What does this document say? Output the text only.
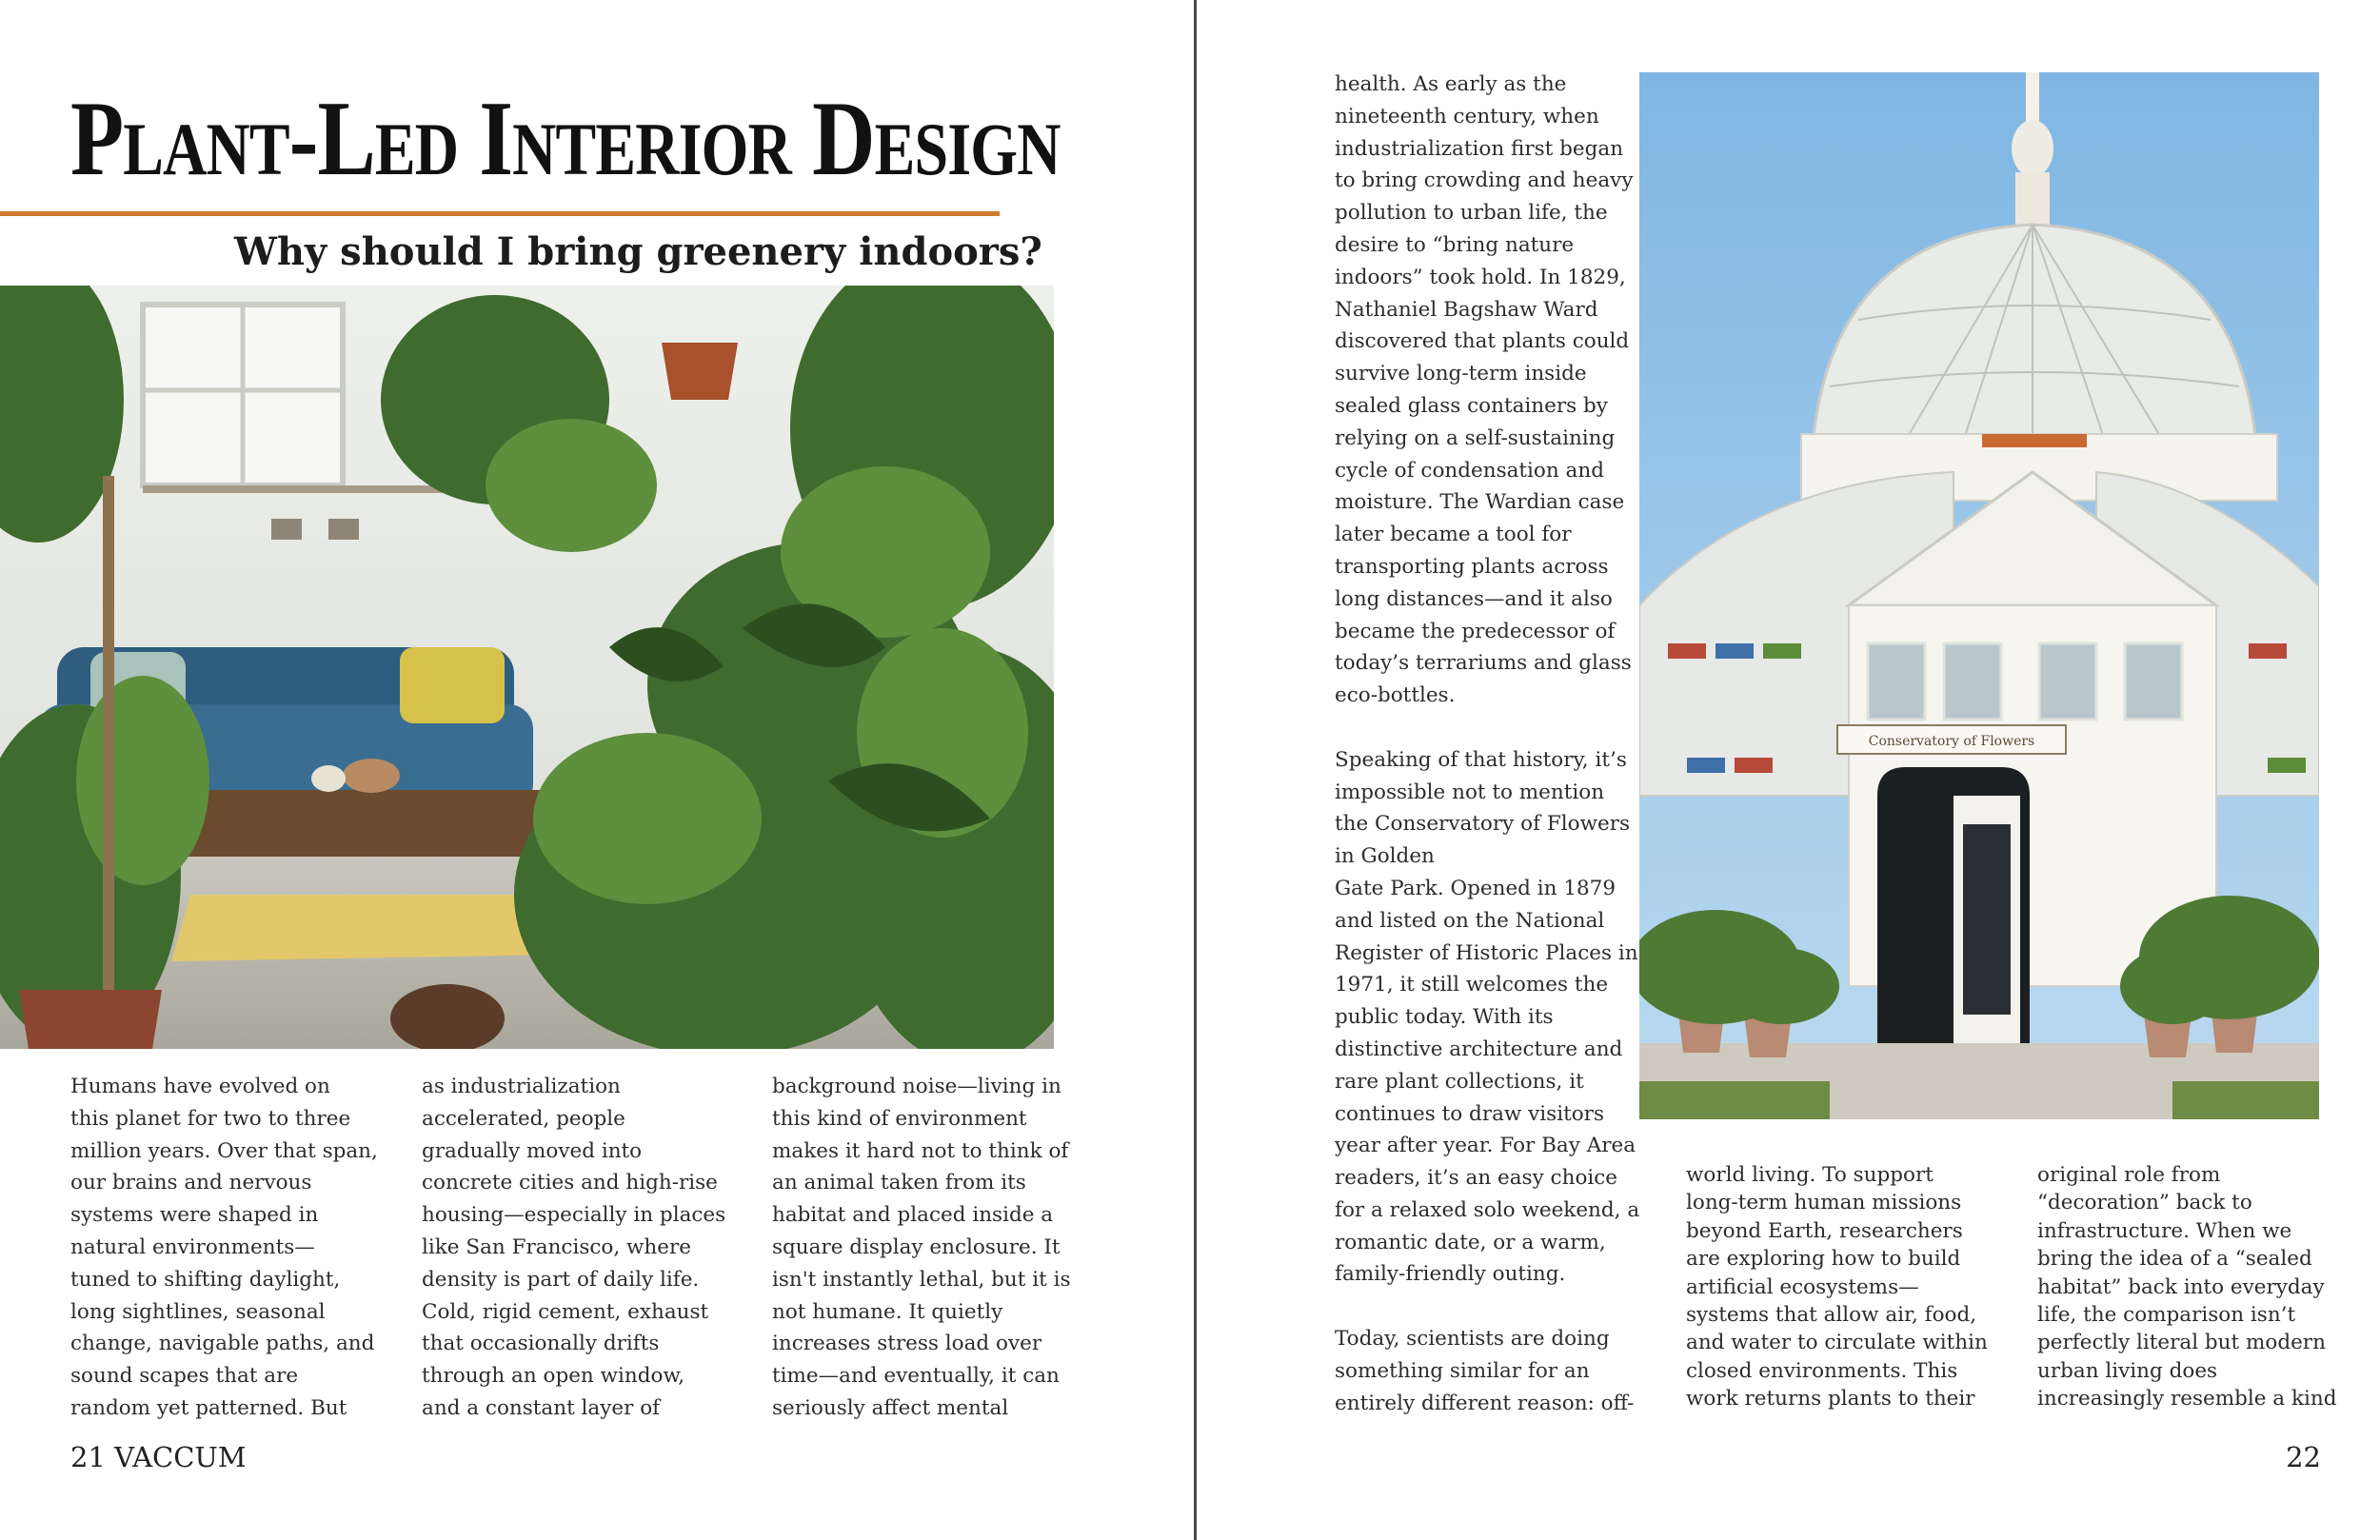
Plant-Led Interior Design
Why should I bring greenery indoors?

Humans have evolved on
this planet for two to three
million years. Over that span,
our brains and nervous
systems were shaped in
natural environments—
tuned to shifting daylight,
long sightlines, seasonal
change, navigable paths, and
sound scapes that are
random yet patterned. But

as industrialization
accelerated, people
gradually moved into
concrete cities and high-rise
housing—especially in places
like San Francisco, where
density is part of daily life.
Cold, rigid cement, exhaust
that occasionally drifts
through an open window,
and a constant layer of

background noise—living in
this kind of environment
makes it hard not to think of
an animal taken from its
habitat and placed inside a
square display enclosure. It
isn't instantly lethal, but it is
not humane. It quietly
increases stress load over
time—and eventually, it can
seriously affect mental

21 VACCUM

health. As early as the
nineteenth century, when
industrialization first began
to bring crowding and heavy
pollution to urban life, the
desire to “bring nature
indoors” took hold. In 1829,
Nathaniel Bagshaw Ward
discovered that plants could
survive long-term inside
sealed glass containers by
relying on a self-sustaining
cycle of condensation and
moisture. The Wardian case
later became a tool for
transporting plants across
long distances—and it also
became the predecessor of
today’s terrariums and glass
eco-bottles.

Speaking of that history, it’s
impossible not to mention
the Conservatory of Flowers
in Golden
Gate Park. Opened in 1879
and listed on the National
Register of Historic Places in
1971, it still welcomes the
public today. With its
distinctive architecture and
rare plant collections, it
continues to draw visitors
year after year. For Bay Area
readers, it’s an easy choice
for a relaxed solo weekend, a
romantic date, or a warm,
family-friendly outing.

Today, scientists are doing
something similar for an
entirely different reason: off-

Conservatory of Flowers

world living. To support
long-term human missions
beyond Earth, researchers
are exploring how to build
artificial ecosystems—
systems that allow air, food,
and water to circulate within
closed environments. This
work returns plants to their

original role from
“decoration” back to
infrastructure. When we
bring the idea of a “sealed
habitat” back into everyday
life, the comparison isn’t
perfectly literal but modern
urban living does
increasingly resemble a kind

22
